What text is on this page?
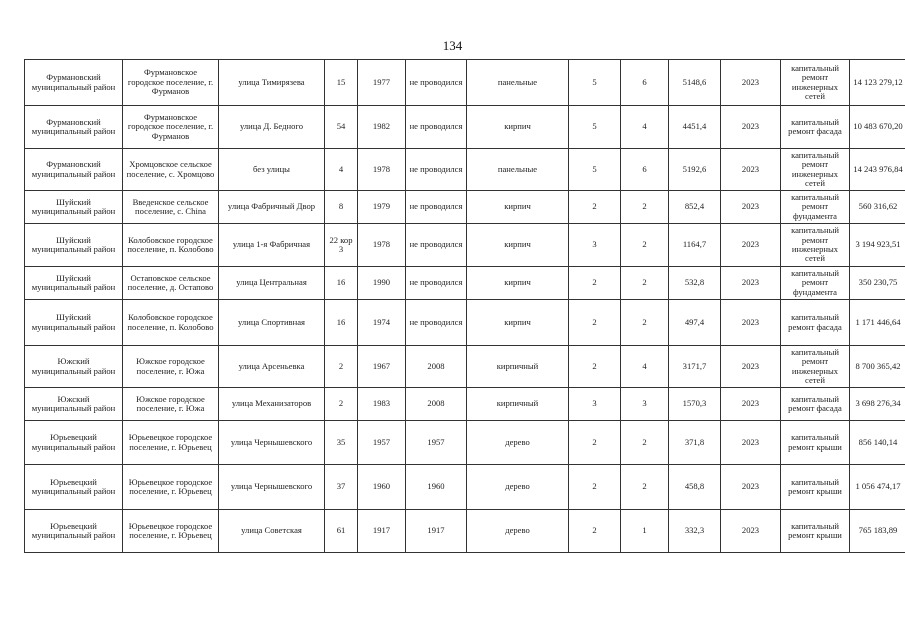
134
Фурмановский муниципальный район	Фурмановское городское поселение, г. Фурманов	улица Тимирязева	15	1977	не проводился	панельные	5	6	5148,6	2023	капитальный ремонт инженерных сетей	14 123 279,12
Фурмановский муниципальный район	Фурмановское городское поселение, г. Фурманов	улица Д. Бедного	54	1982	не проводился	кирпич	5	4	4451,4	2023	капитальный ремонт фасада	10 483 670,20
Фурмановский муниципальный район	Хромцовское сельское поселение, с. Хромцово	без улицы	4	1978	не проводился	панельные	5	6	5192,6	2023	капитальный ремонт инженерных сетей	14 243 976,84
Шуйский муниципальный район	Введенское сельское поселение, с. China	улица Фабричный Двор	8	1979	не проводился	кирпич	2	2	852,4	2023	капитальный ремонт фундамента	560 316,62
Шуйский муниципальный район	Колобовское городское поселение, п. Колобово	улица 1-я Фабричная	22 кор 3	1978	не проводился	кирпич	3	2	1164,7	2023	капитальный ремонт инженерных сетей	3 194 923,51
Шуйский муниципальный район	Остаповское сельское поселение, д. Остапово	улица Центральная	16	1990	не проводился	кирпич	2	2	532,8	2023	капитальный ремонт фундамента	350 230,75
Шуйский муниципальный район	Колобовское городское поселение, п. Колобово	улица Спортивная	16	1974	не проводился	кирпич	2	2	497,4	2023	капитальный ремонт фасада	1 171 446,64
Южский муниципальный район	Южское городское поселение, г. Южа	улица Арсеньевка	2	1967	2008	кирпичный	2	4	3171,7	2023	капитальный ремонт инженерных сетей	8 700 365,42
Южский муниципальный район	Южское городское поселение, г. Южа	улица Механизаторов	2	1983	2008	кирпичный	3	3	1570,3	2023	капитальный ремонт фасада	3 698 276,34
Юрьевецкий муниципальный район	Юрьевецкое городское поселение, г. Юрьевец	улица Чернышевского	35	1957	1957	дерево	2	2	371,8	2023	капитальный ремонт крыши	856 140,14
Юрьевецкий муниципальный район	Юрьевецкое городское поселение, г. Юрьевец	улица Чернышевского	37	1960	1960	дерево	2	2	458,8	2023	капитальный ремонт крыши	1 056 474,17
Юрьевецкий муниципальный район	Юрьевецкое городское поселение, г. Юрьевец	улица Советская	61	1917	1917	дерево	2	1	332,3	2023	капитальный ремонт крыши	765 183,89
